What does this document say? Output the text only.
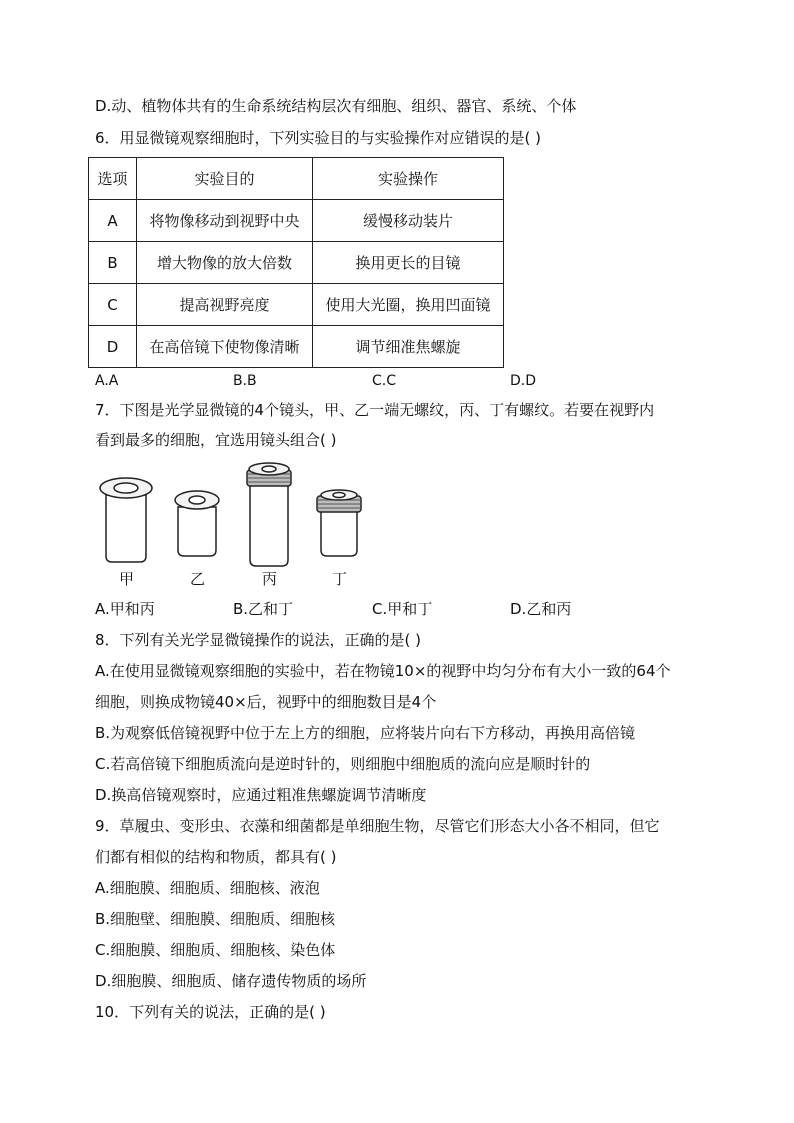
D.动、植物体共有的生命系统结构层次有细胞、组织、器官、系统、个体
6．用显微镜观察细胞时，下列实验目的与实验操作对应错误的是( )
选项	实验目的	实验操作
A	将物像移动到视野中央	缓慢移动装片
B	增大物像的放大倍数	换用更长的目镜
C	提高视野亮度	使用大光圈，换用凹面镜
D	在高倍镜下使物像清晰	调节细准焦螺旋
A.A	B.B	C.C	D.D
7．下图是光学显微镜的4个镜头，甲、乙一端无螺纹，丙、丁有螺纹。若要在视野内
看到最多的细胞，宜选用镜头组合( )
甲	乙	丙	丁
A.甲和丙	B.乙和丁	C.甲和丁	D.乙和丙
8．下列有关光学显微镜操作的说法，正确的是( )
A.在使用显微镜观察细胞的实验中，若在物镜10×的视野中均匀分布有大小一致的64个
细胞，则换成物镜40×后，视野中的细胞数目是4个
B.为观察低倍镜视野中位于左上方的细胞，应将装片向右下方移动，再换用高倍镜
C.若高倍镜下细胞质流向是逆时针的，则细胞中细胞质的流向应是顺时针的
D.换高倍镜观察时，应通过粗准焦螺旋调节清晰度
9．草履虫、变形虫、衣藻和细菌都是单细胞生物，尽管它们形态大小各不相同，但它
们都有相似的结构和物质，都具有( )
A.细胞膜、细胞质、细胞核、液泡
B.细胞壁、细胞膜、细胞质、细胞核
C.细胞膜、细胞质、细胞核、染色体
D.细胞膜、细胞质、储存遗传物质的场所
10．下列有关的说法，正确的是( )
